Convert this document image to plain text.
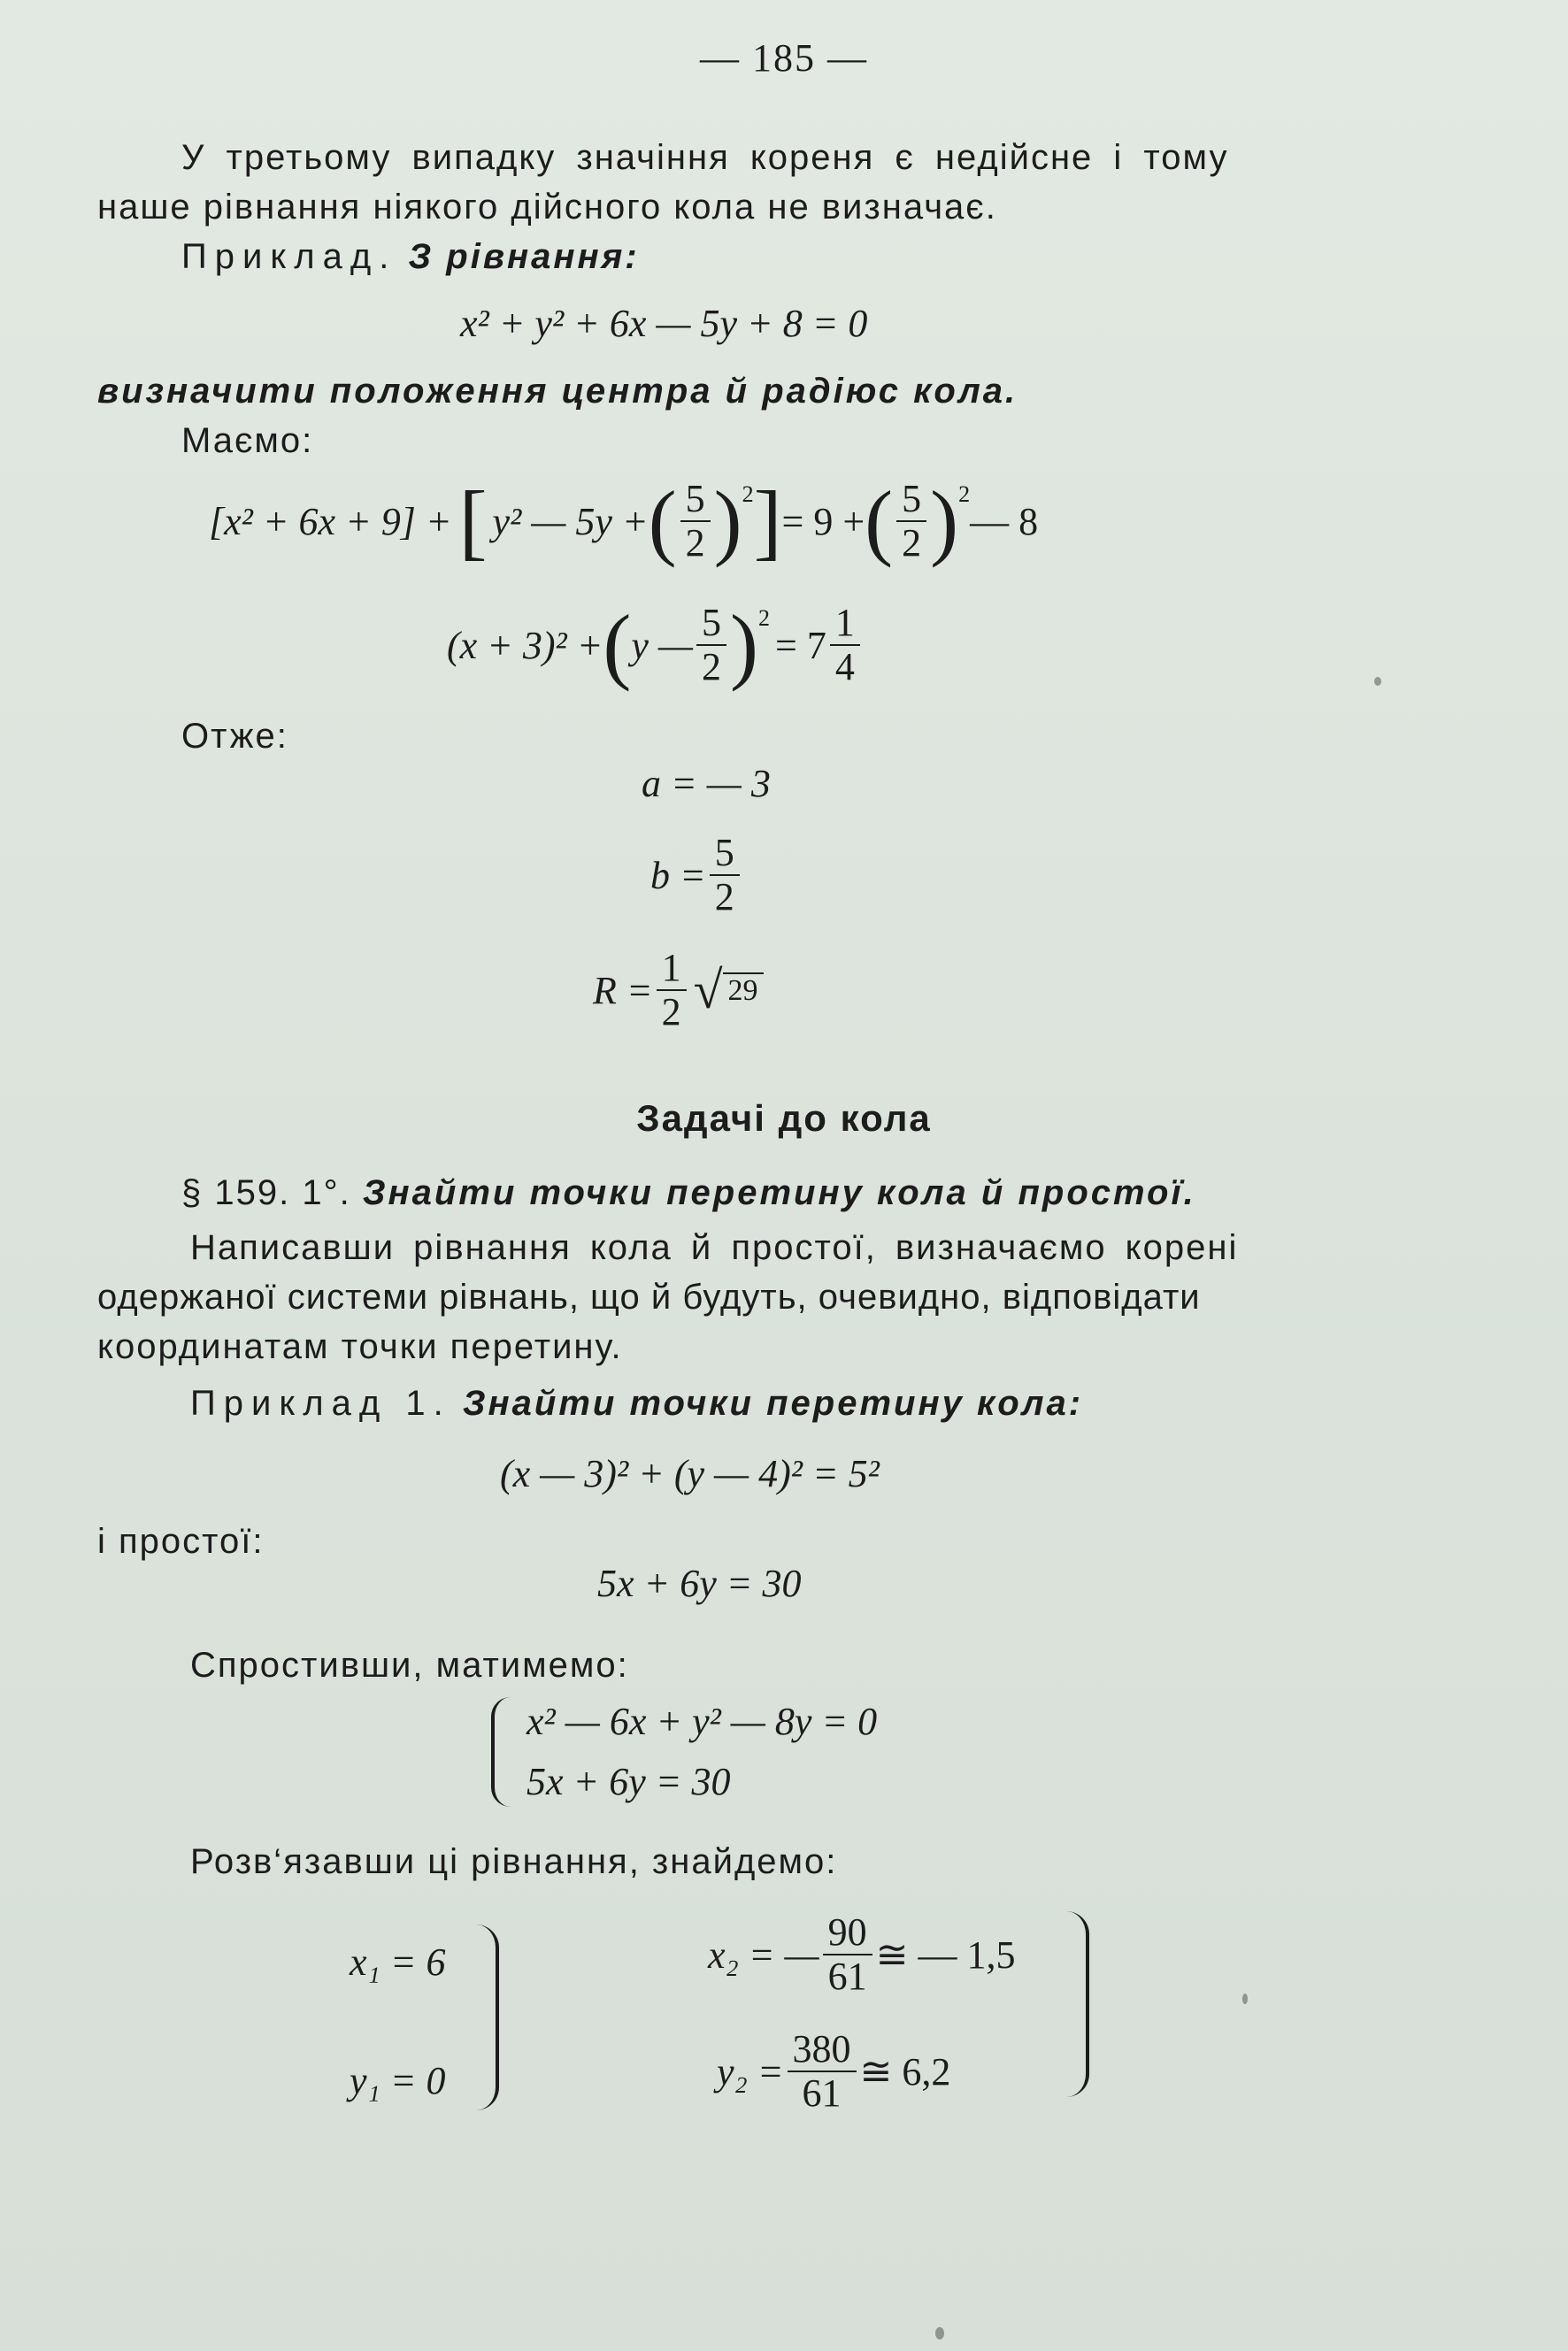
— 185 —
У третьому випадку значіння кореня є недійсне і тому
наше рівнання ніякого дійсного кола не визначає.
Приклад. З рівнання:
x² + y² + 6x — 5y + 8 = 0
визначити положення центра й радіюс кола.
Маємо:
[x² + 6x + 9] + [ y² — 5y + ( $\frac{5}{2}$ ) 2 ] = 9 + ( $\frac{5}{2}$ ) 2
— 8
(x + 3)² + ( y — $\frac{5}{2}$ ) 2
= $7 \frac{1}{4}$
Отже:
a = — 3
$b = \frac{5}{2}$
$R = \frac{1}{2}$ √ 29
Задачі до кола
§ 159. 1°. Знайти точки перетину кола й простої.
Написавши рівнання кола й простої, визначаємо корені
одержаної системи рівнань, що й будуть, очевидно, відповідати
координатам точки перетину.
Приклад 1. Знайти точки перетину кола:
(x — 3)² + (y — 4)² = 5²
і простої:
5x + 6y = 30
Спростивши, матимемо:
x² — 6x + y² — 8y = 0
5x + 6y = 30
Розв‘язавши ці рівнання, знайдемо:
x₁ = 6
y₁ = 0
x₂ = — $\frac{90}{61}$ ≅ — 1,5
$y_2 = \frac{380}{61}$ ≅ 6,2
